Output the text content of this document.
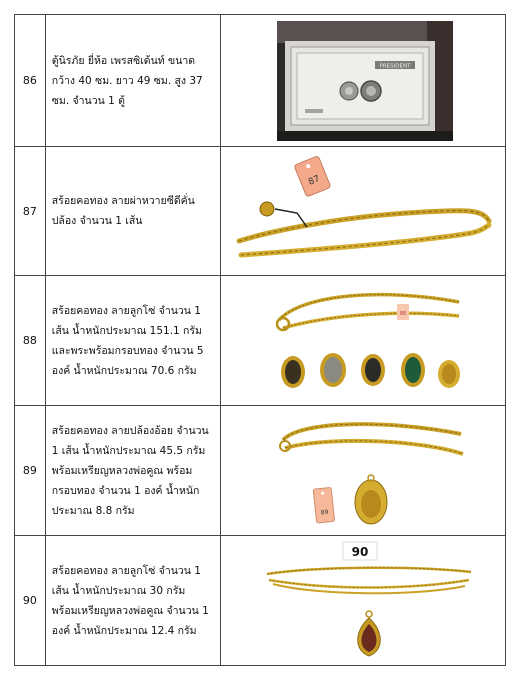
86	ตู้นิรภัย ยี่ห้อ เพรสซิเด้นท์ ขนาด กว้าง 40 ซม. ยาว 49 ซม. สูง 37 ซม. จำนวน 1 ตู้	PRESIDENT

87	สร้อยคอทอง ลายผ่าหวายซีดีคั่นปล้อง จำนวน 1 เส้น	87

88	สร้อยคอทอง ลายลูกโซ่ จำนวน 1 เส้น น้ำหนักประมาณ 151.1 กรัม และพระพร้อมกรอบทอง จำนวน 5 องค์ น้ำหนักประมาณ 70.6 กรัม	88

89	สร้อยคอทอง ลายปล้องอ้อย จำนวน 1 เส้น น้ำหนักประมาณ 45.5 กรัม พร้อมเหรียญหลวงพ่อคูณ พร้อมกรอบทอง จำนวน 1 องค์ น้ำหนักประมาณ 8.8 กรัม	89

90	สร้อยคอทอง ลายลูกโซ่ จำนวน 1 เส้น น้ำหนักประมาณ 30 กรัม พร้อมเหรียญหลวงพ่อคูณ จำนวน 1 องค์ น้ำหนักประมาณ 12.4 กรัม	90
